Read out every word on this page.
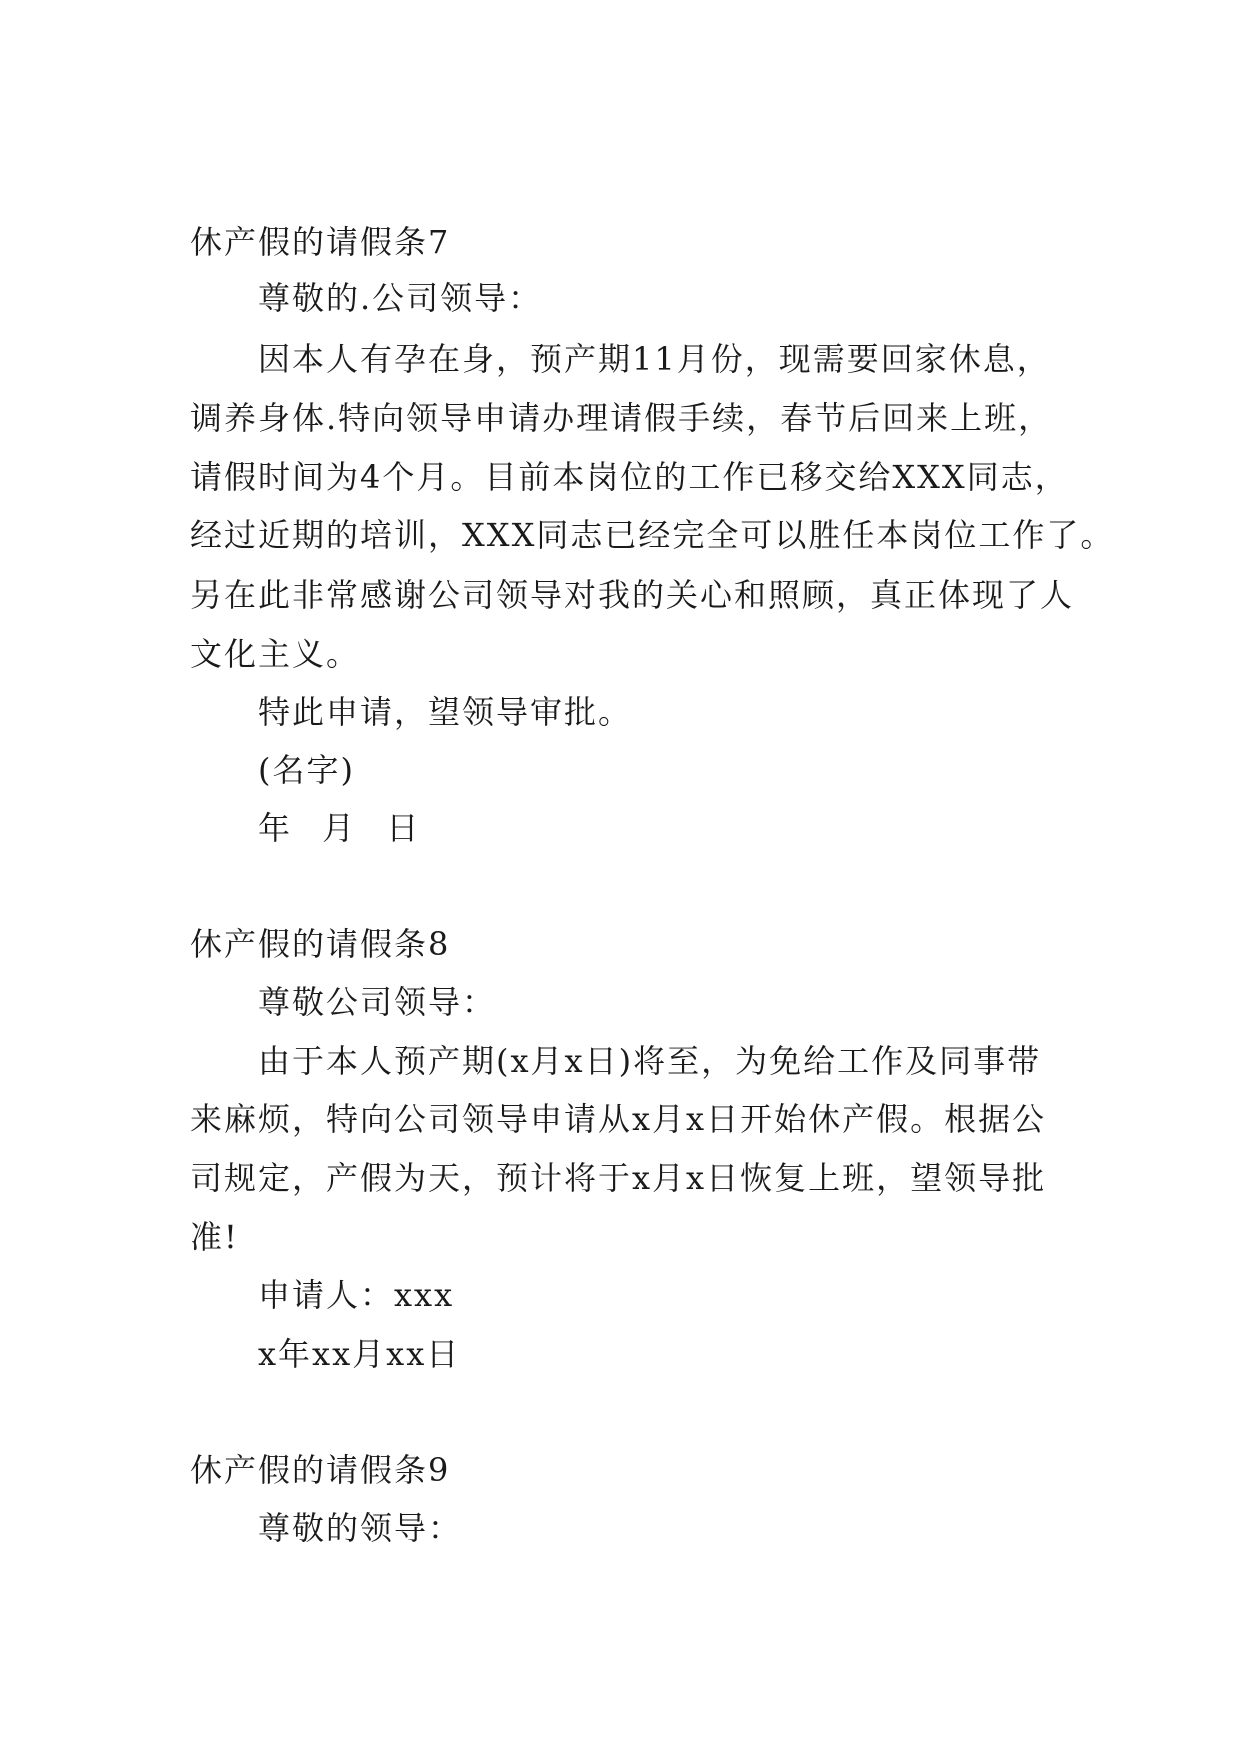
休产假的请假条7
尊敬的.公司领导：
因本人有孕在身，预产期11月份，现需要回家休息，
调养身体.特向领导申请办理请假手续，春节后回来上班，
请假时间为4个月。目前本岗位的工作已移交给XXX同志，
经过近期的培训，XXX同志已经完全可以胜任本岗位工作了。
另在此非常感谢公司领导对我的关心和照顾，真正体现了人
文化主义。
特此申请，望领导审批。
(名字)
年 月 日
休产假的请假条8
尊敬公司领导：
由于本人预产期(x月x日)将至，为免给工作及同事带
来麻烦，特向公司领导申请从x月x日开始休产假。根据公
司规定，产假为天，预计将于x月x日恢复上班，望领导批
准!
申请人：xxx
x年xx月xx日
休产假的请假条9
尊敬的领导：
